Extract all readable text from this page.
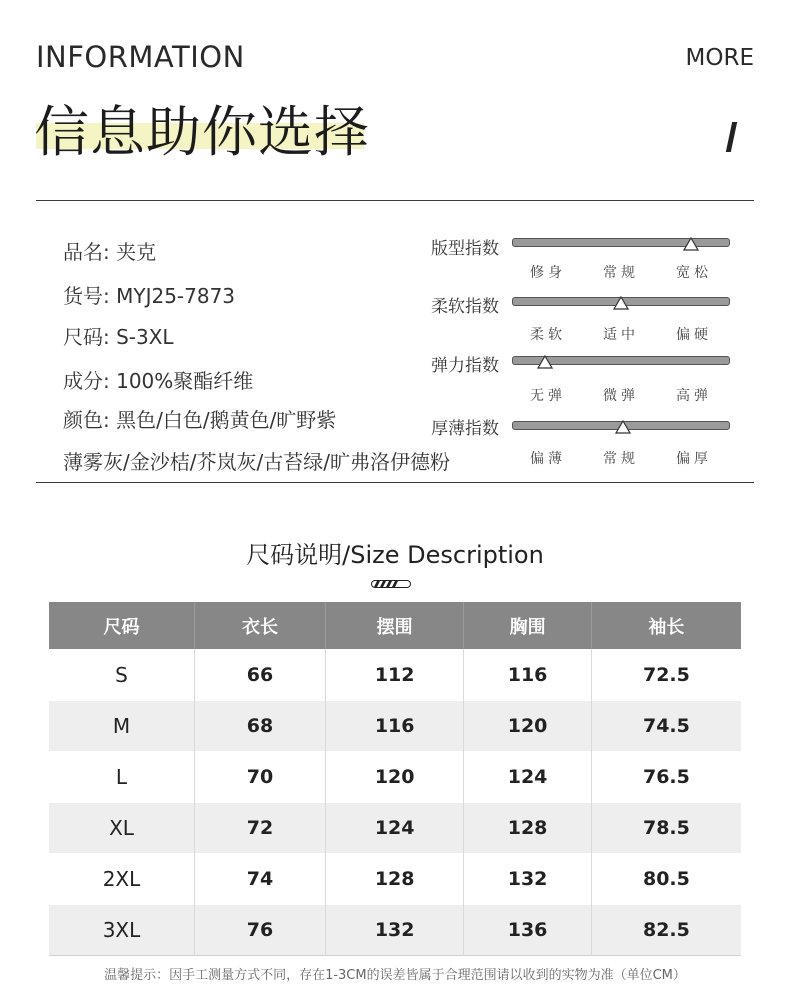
INFORMATION	MORE
信息助你选择
品名: 夹克
货号: MYJ25-7873
尺码: S-3XL
成分: 100%聚酯纤维
颜色: 黑色/白色/鹅黄色/旷野紫
薄雾灰/金沙桔/芥岚灰/古苔绿/旷弗洛伊德粉
版型指数
修身	常规	宽松
柔软指数
柔软	适中	偏硬
弹力指数
无弹	微弹	高弹
厚薄指数
偏薄	常规	偏厚
尺码说明/Size Description
尺码	衣长	摆围	胸围	袖长
S	66	112	116	72.5
M	68	116	120	74.5
L	70	120	124	76.5
XL	72	124	128	78.5
2XL	74	128	132	80.5
3XL	76	132	136	82.5
温馨提示：因手工测量方式不同，存在1-3CM的误差皆属于合理范围请以收到的实物为准（单位CM）
